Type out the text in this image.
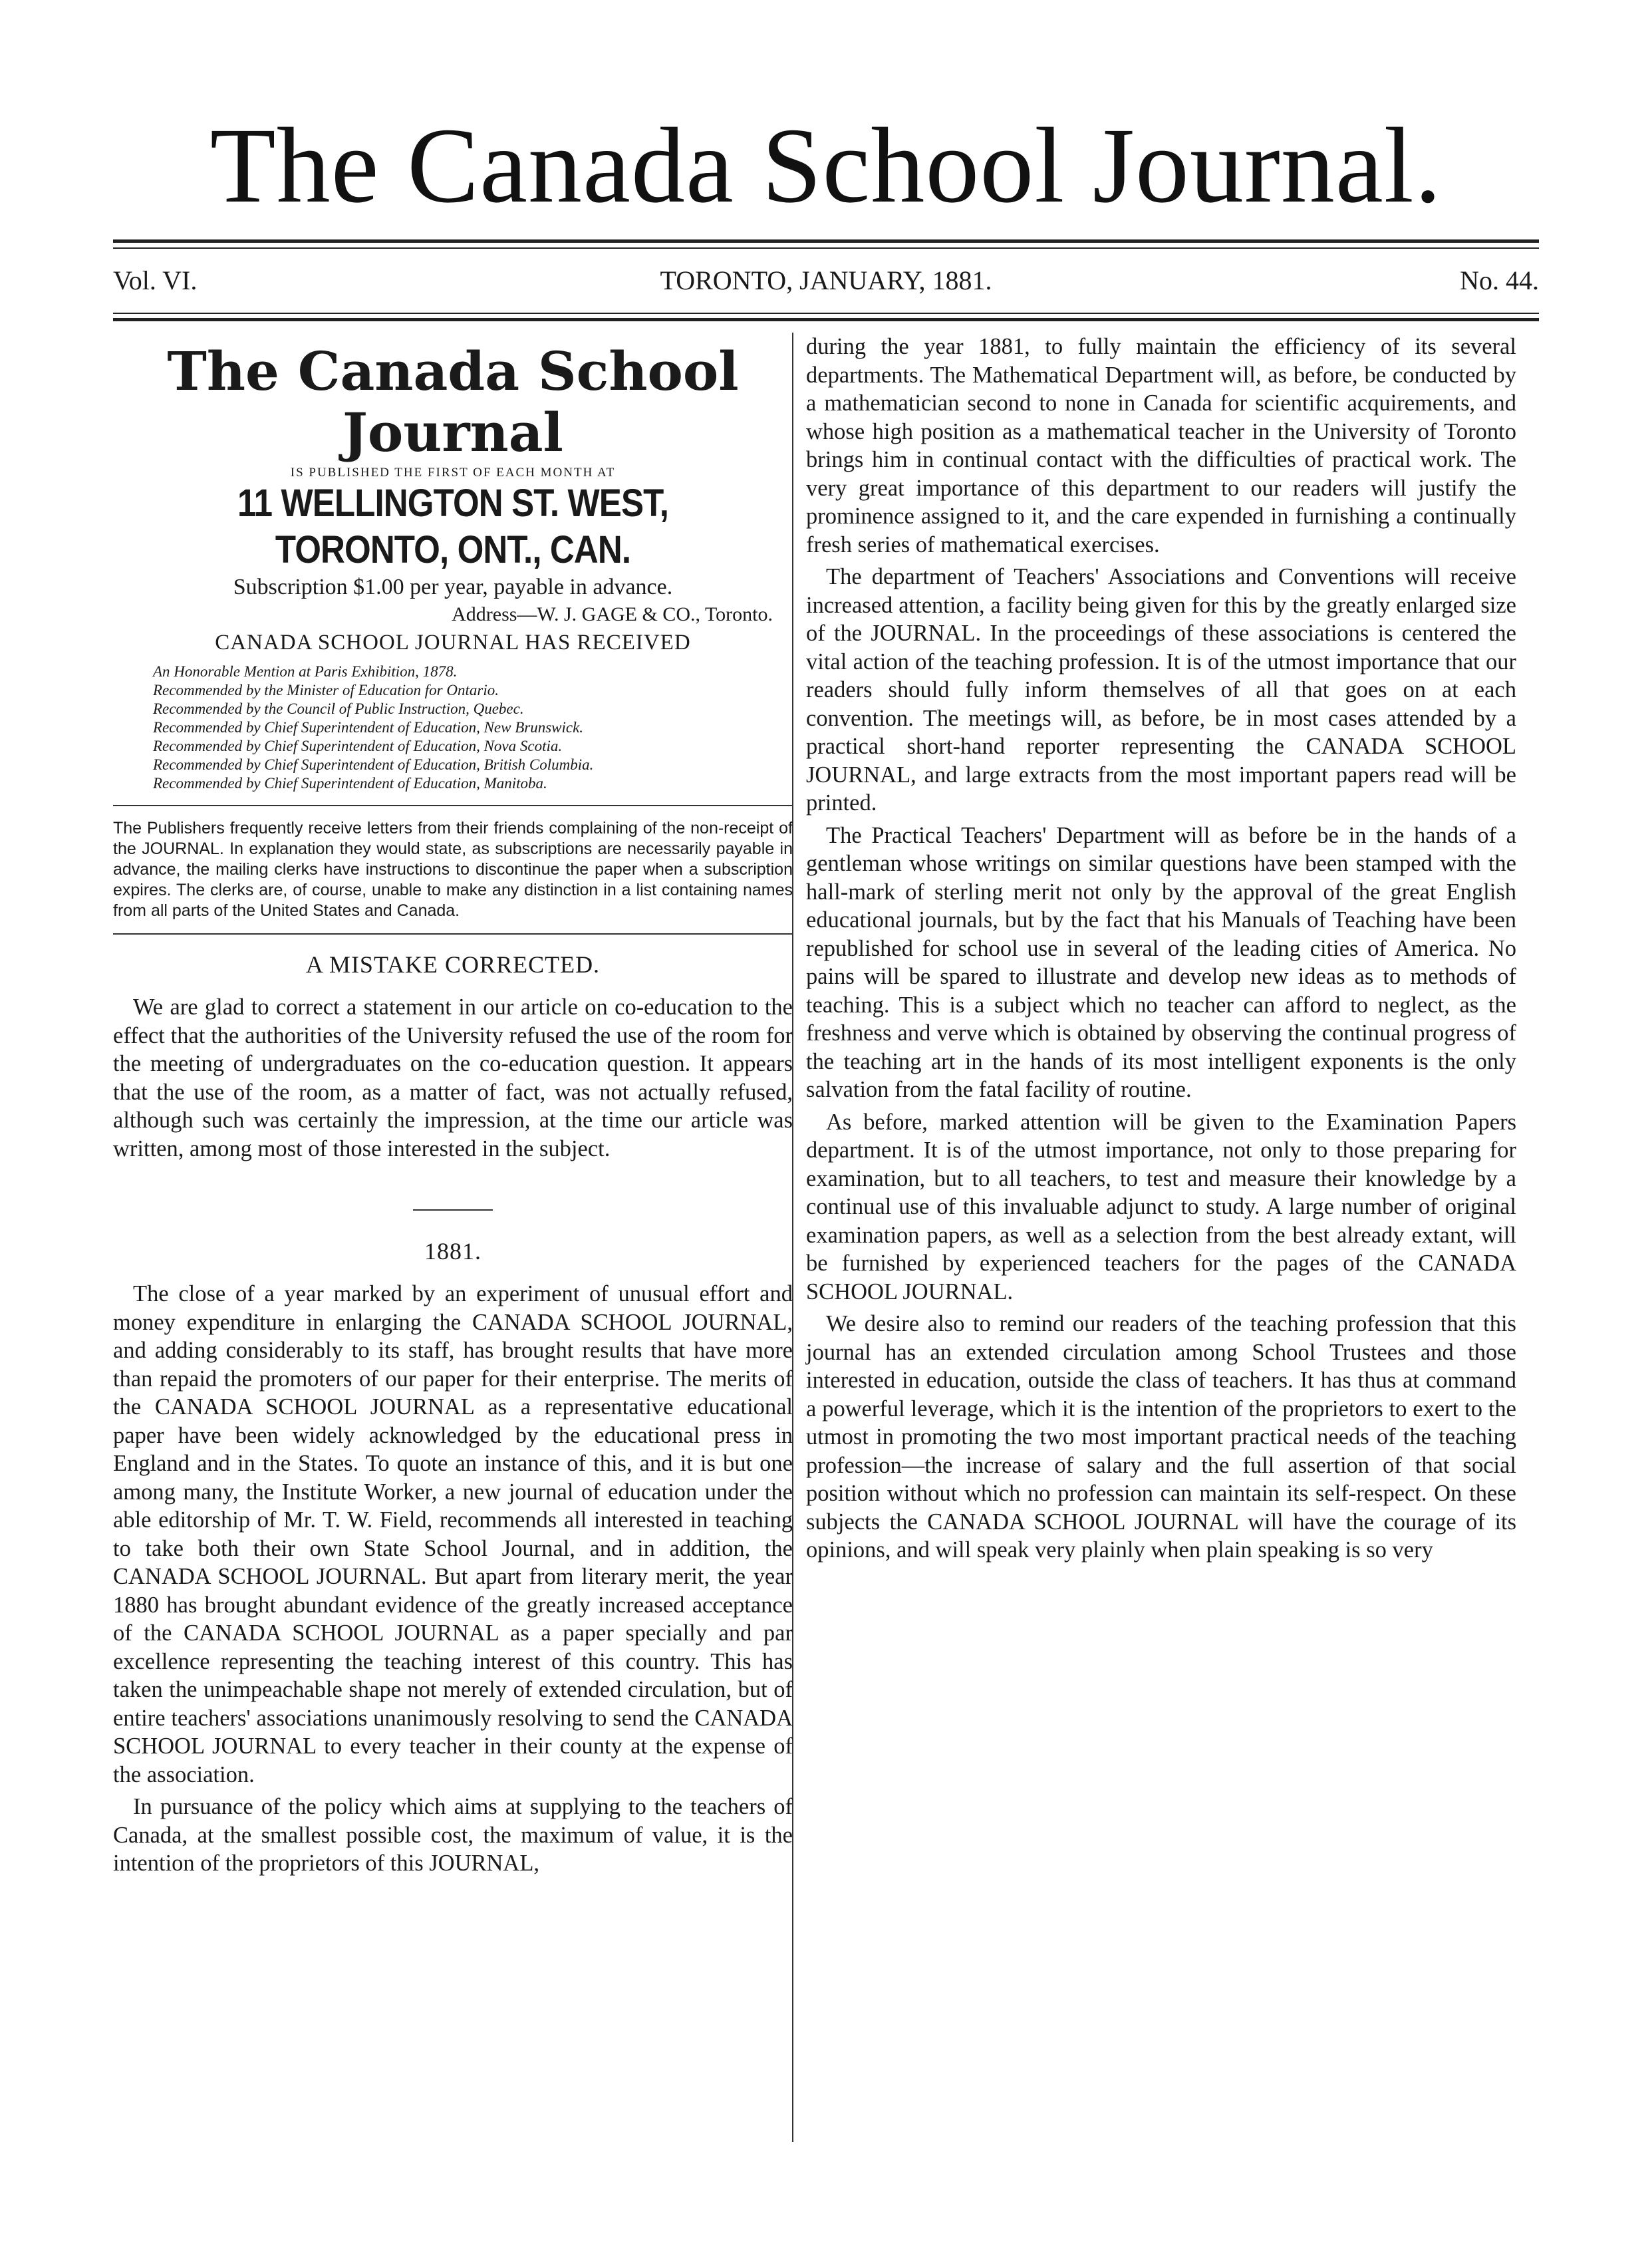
The Canada School Journal.
Vol. VI.	TORONTO, JANUARY, 1881.	No. 44.
The Canada School Journal
IS PUBLISHED THE FIRST OF EACH MONTH AT
11 WELLINGTON ST. WEST, TORONTO, ONT., CAN.
Subscription $1.00 per year, payable in advance.
Address—W. J. GAGE & CO., Toronto.
CANADA SCHOOL JOURNAL HAS RECEIVED
An Honorable Mention at Paris Exhibition, 1878.
Recommended by the Minister of Education for Ontario.
Recommended by the Council of Public Instruction, Quebec.
Recommended by Chief Superintendent of Education, New Brunswick.
Recommended by Chief Superintendent of Education, Nova Scotia.
Recommended by Chief Superintendent of Education, British Columbia.
Recommended by Chief Superintendent of Education, Manitoba.
The Publishers frequently receive letters from their friends complaining of the non-receipt of the JOURNAL. In explanation they would state, as subscriptions are necessarily payable in advance, the mailing clerks have instructions to discontinue the paper when a subscription expires. The clerks are, of course, unable to make any distinction in a list containing names from all parts of the United States and Canada.
A MISTAKE CORRECTED.

We are glad to correct a statement in our article on co-education to the effect that the authorities of the University refused the use of the room for the meeting of undergraduates on the co-education question. It appears that the use of the room, as a matter of fact, was not actually refused, although such was certainly the impression, at the time our article was written, among most of those interested in the subject.

1881.

The close of a year marked by an experiment of unusual effort and money expenditure in enlarging the CANADA SCHOOL JOURNAL, and adding considerably to its staff, has brought results that have more than repaid the promoters of our paper for their enterprise. The merits of the CANADA SCHOOL JOURNAL as a representative educational paper have been widely acknowledged by the educational press in England and in the States. To quote an instance of this, and it is but one among many, the Institute Worker, a new journal of education under the able editorship of Mr. T. W. Field, recommends all interested in teaching to take both their own State School Journal, and in addition, the CANADA SCHOOL JOURNAL. But apart from literary merit, the year 1880 has brought abundant evidence of the greatly increased acceptance of the CANADA SCHOOL JOURNAL as a paper specially and par excellence representing the teaching interest of this country. This has taken the unimpeachable shape not merely of extended circulation, but of entire teachers' associations unanimously resolving to send the CANADA SCHOOL JOURNAL to every teacher in their county at the expense of the association.

In pursuance of the policy which aims at supplying to the teachers of Canada, at the smallest possible cost, the maximum of value, it is the intention of the proprietors of this JOURNAL,

during the year 1881, to fully maintain the efficiency of its several departments. The Mathematical Department will, as before, be conducted by a mathematician second to none in Canada for scientific acquirements, and whose high position as a mathematical teacher in the University of Toronto brings him in continual contact with the difficulties of practical work. The very great importance of this department to our readers will justify the prominence assigned to it, and the care expended in furnishing a continually fresh series of mathematical exercises.

The department of Teachers' Associations and Conventions will receive increased attention, a facility being given for this by the greatly enlarged size of the JOURNAL. In the proceedings of these associations is centered the vital action of the teaching profession. It is of the utmost importance that our readers should fully inform themselves of all that goes on at each convention. The meetings will, as before, be in most cases attended by a practical short-hand reporter representing the CANADA SCHOOL JOURNAL, and large extracts from the most important papers read will be printed.

The Practical Teachers' Department will as before be in the hands of a gentleman whose writings on similar questions have been stamped with the hall-mark of sterling merit not only by the approval of the great English educational journals, but by the fact that his Manuals of Teaching have been republished for school use in several of the leading cities of America. No pains will be spared to illustrate and develop new ideas as to methods of teaching. This is a subject which no teacher can afford to neglect, as the freshness and verve which is obtained by observing the continual progress of the teaching art in the hands of its most intelligent exponents is the only salvation from the fatal facility of routine.

As before, marked attention will be given to the Examination Papers department. It is of the utmost importance, not only to those preparing for examination, but to all teachers, to test and measure their knowledge by a continual use of this invaluable adjunct to study. A large number of original examination papers, as well as a selection from the best already extant, will be furnished by experienced teachers for the pages of the CANADA SCHOOL JOURNAL.

We desire also to remind our readers of the teaching profession that this journal has an extended circulation among School Trustees and those interested in education, outside the class of teachers. It has thus at command a powerful leverage, which it is the intention of the proprietors to exert to the utmost in promoting the two most important practical needs of the teaching profession—the increase of salary and the full assertion of that social position without which no profession can maintain its self-respect. On these subjects the CANADA SCHOOL JOURNAL will have the courage of its opinions, and will speak very plainly when plain speaking is so very
